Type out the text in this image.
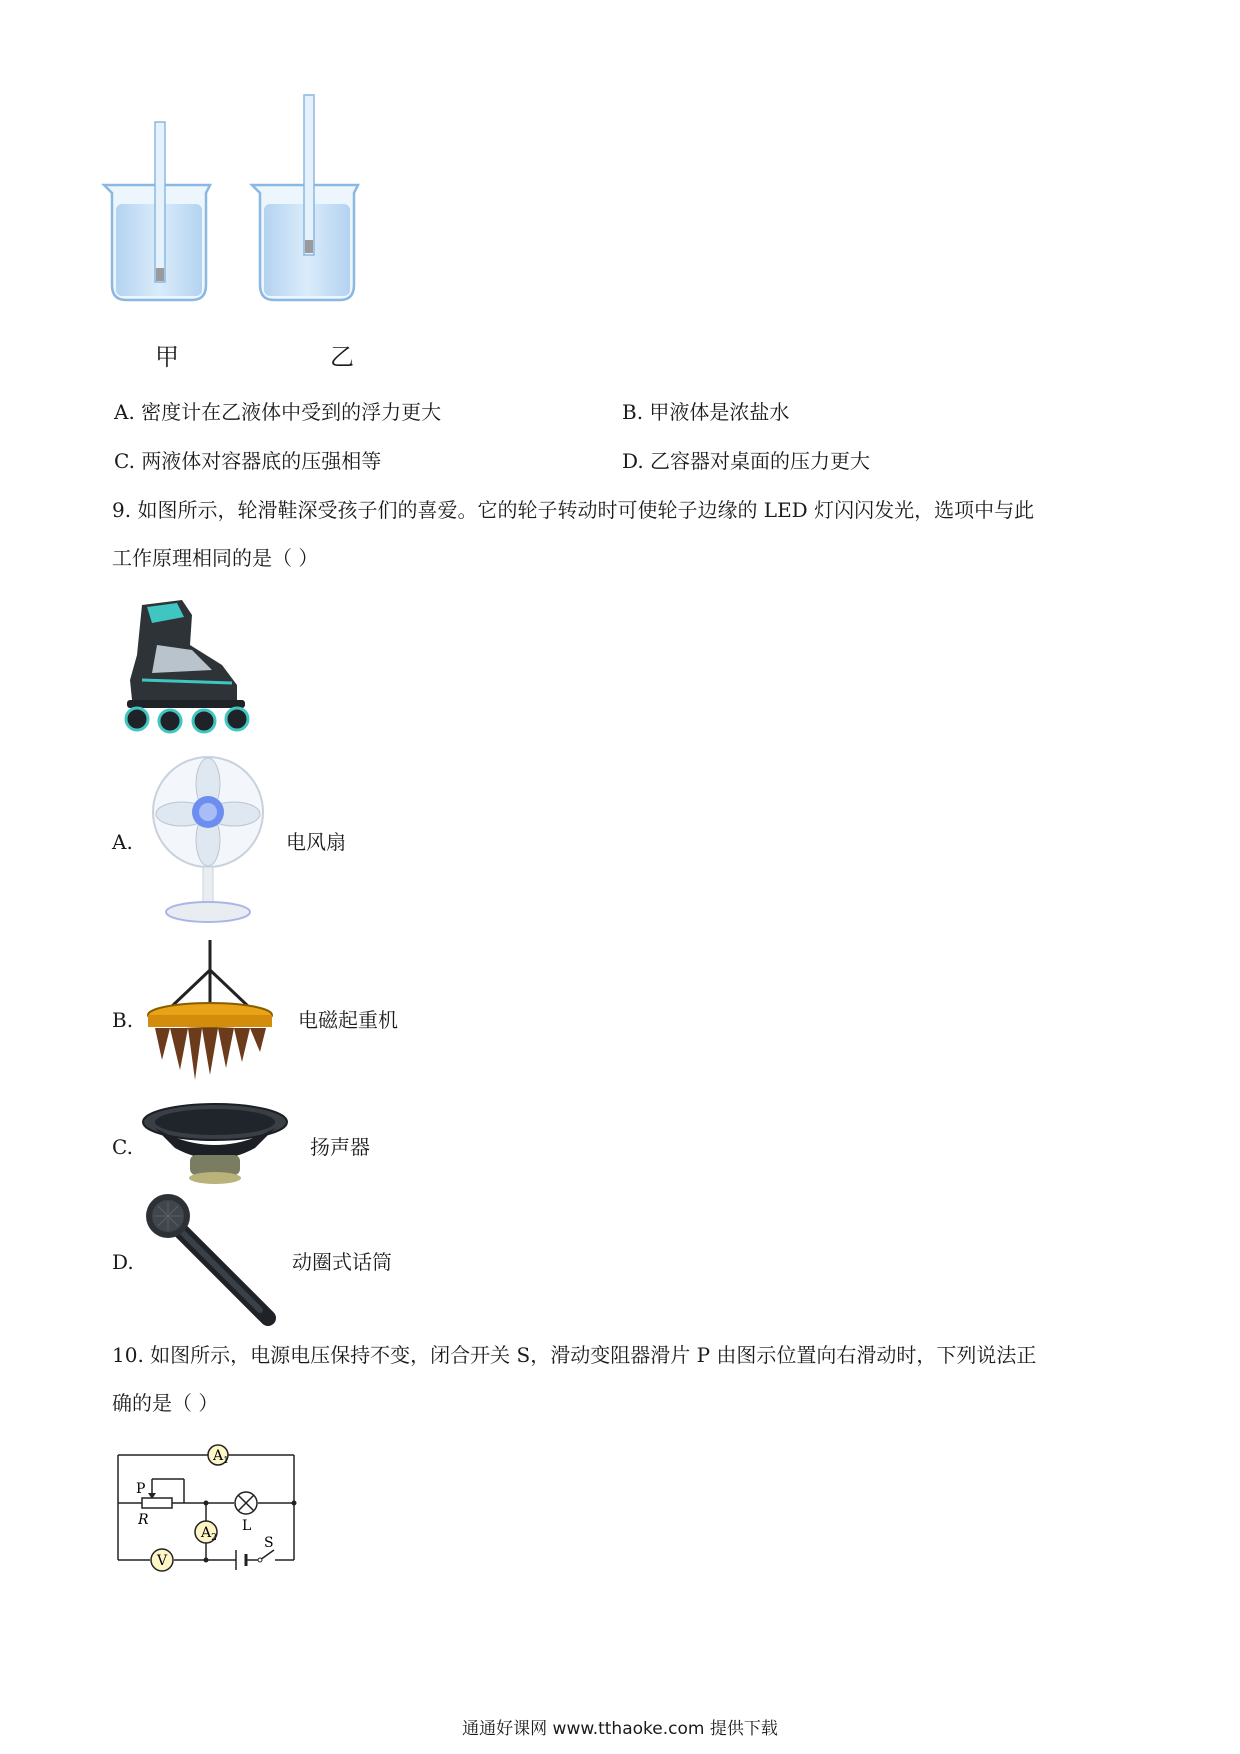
甲	乙
A. 密度计在乙液体中受到的浮力更大	B. 甲液体是浓盐水
C. 两液体对容器底的压强相等	D. 乙容器对桌面的压力更大
9. 如图所示，轮滑鞋深受孩子们的喜爱。它的轮子转动时可使轮子边缘的 LED 灯闪闪发光，选项中与此
工作原理相同的是（ ）
A.	电风扇
B.	电磁起重机
C.	扬声器
D.	动圈式话筒
10. 如图所示，电源电压保持不变，闭合开关 S，滑动变阻器滑片 P 由图示位置向右滑动时，下列说法正
确的是（ ）
$A_1$
$A_2$
V
P
R	L
S
通通好课网 www.tthaoke.com 提供下载
